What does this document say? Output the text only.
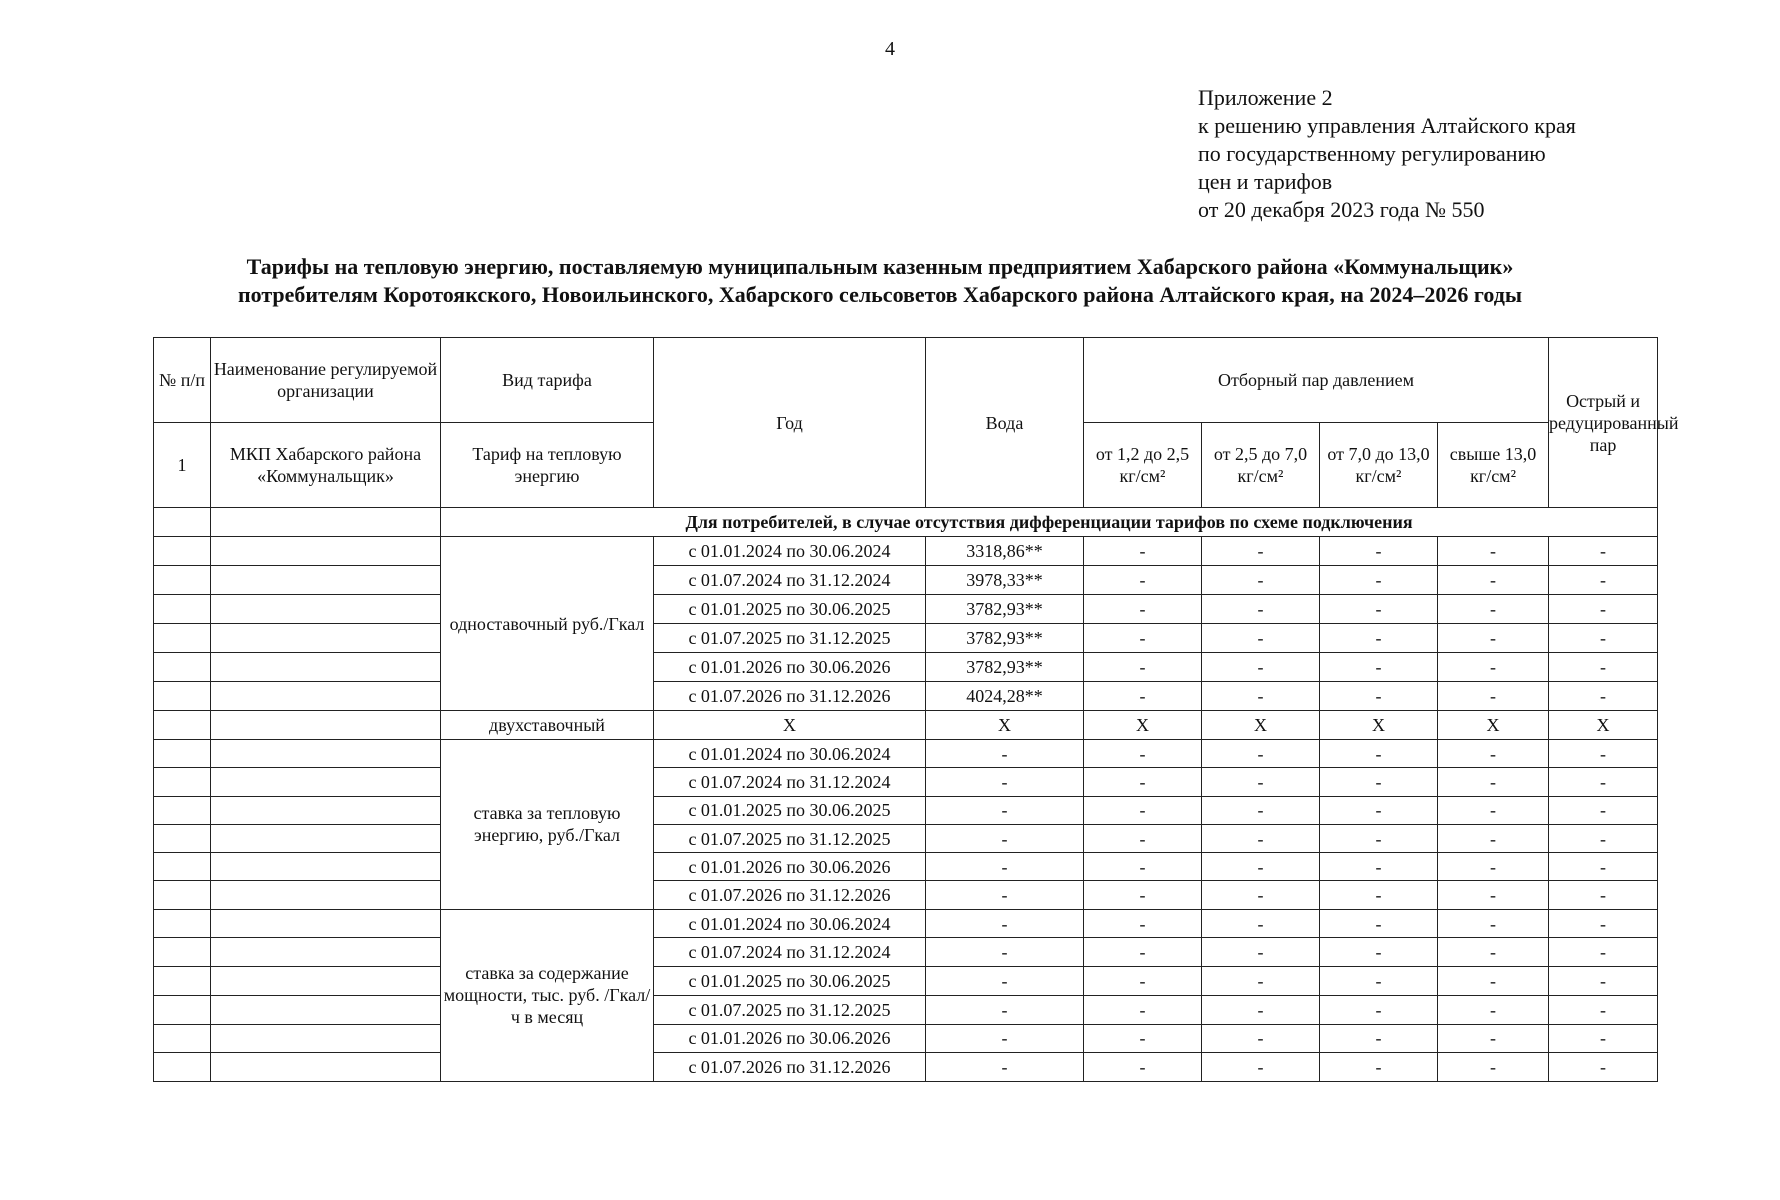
4
Приложение 2
к решению управления Алтайского края
по государственному регулированию
цен и тарифов
от 20 декабря 2023 года № 550
Тарифы на тепловую энергию, поставляемую муниципальным казенным предприятием Хабарского района «Коммунальщик»
потребителям Коротоякского, Новоильинского, Хабарского сельсоветов Хабарского района Алтайского края, на 2024–2026 годы
№ п/п	Наименование регулируемой организации	Вид тарифа	Год	Вода	Отборный пар давлением				Острый и редуцированный пар
1	МКП Хабарского района «Коммунальщик»	Тариф на тепловую энергию			от 1,2 до 2,5 кг/см²	от 2,5 до 7,0 кг/см²	от 7,0 до 13,0 кг/см²	свыше 13,0 кг/см²	
		Для потребителей, в случае отсутствия дифференциации тарифов по схеме подключения							
		одноставочный руб./Гкал	с 01.01.2024 по 30.06.2024	3318,86**	-	-	-	-	-
			с 01.07.2024 по 31.12.2024	3978,33**	-	-	-	-	-
			с 01.01.2025 по 30.06.2025	3782,93**	-	-	-	-	-
			с 01.07.2025 по 31.12.2025	3782,93**	-	-	-	-	-
			с 01.01.2026 по 30.06.2026	3782,93**	-	-	-	-	-
			с 01.07.2026 по 31.12.2026	4024,28**	-	-	-	-	-
		двухставочный	Х	Х	Х	Х	Х	Х	Х
		ставка за тепловую энергию, руб./Гкал	с 01.01.2024 по 30.06.2024	-	-	-	-	-	-
			с 01.07.2024 по 31.12.2024	-	-	-	-	-	-
			с 01.01.2025 по 30.06.2025	-	-	-	-	-	-
			с 01.07.2025 по 31.12.2025	-	-	-	-	-	-
			с 01.01.2026 по 30.06.2026	-	-	-	-	-	-
			с 01.07.2026 по 31.12.2026	-	-	-	-	-	-
		ставка за содержание мощности, тыс. руб. /Гкал/ч в месяц	с 01.01.2024 по 30.06.2024	-	-	-	-	-	-
			с 01.07.2024 по 31.12.2024	-	-	-	-	-	-
			с 01.01.2025 по 30.06.2025	-	-	-	-	-	-
			с 01.07.2025 по 31.12.2025	-	-	-	-	-	-
			с 01.01.2026 по 30.06.2026	-	-	-	-	-	-
			с 01.07.2026 по 31.12.2026	-	-	-	-	-	-
